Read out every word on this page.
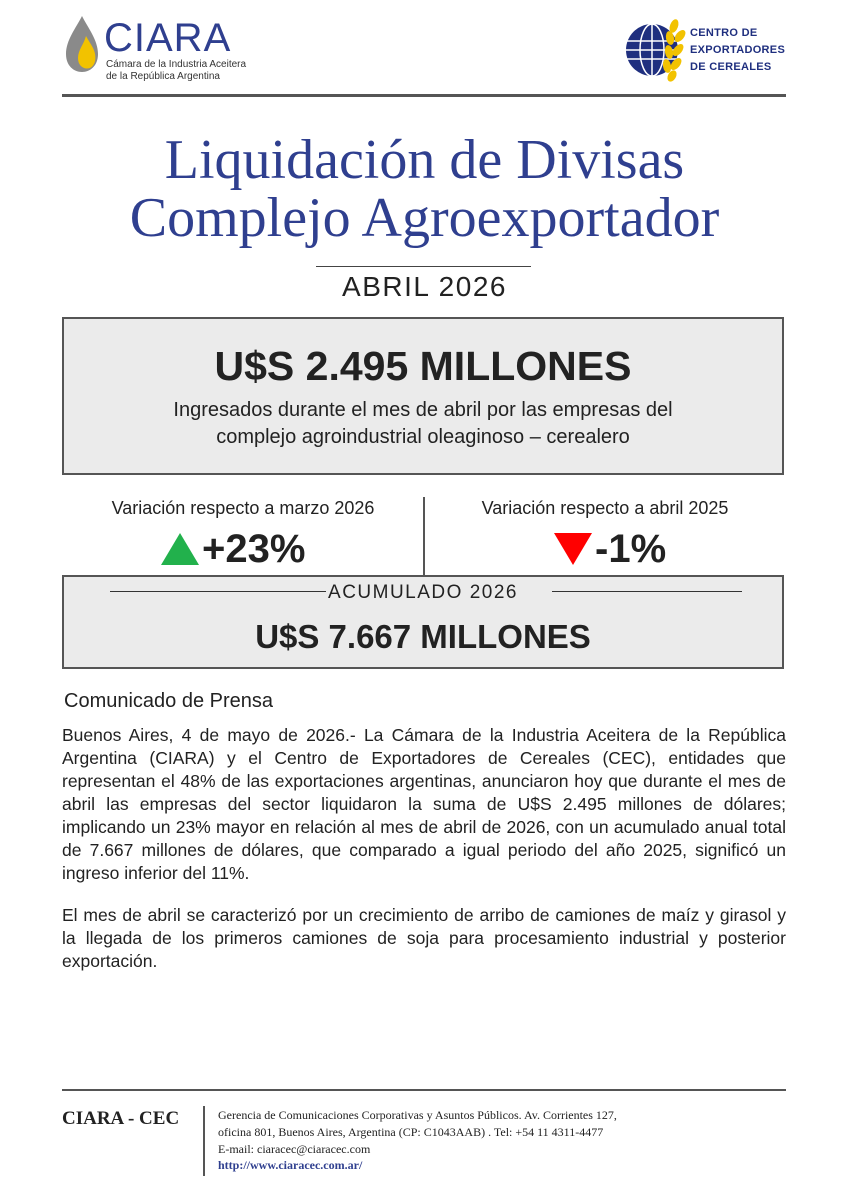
CIARA
Cámara de la Industria Aceitera
de la República Argentina
CENTRO DE
EXPORTADORES
DE CEREALES
Liquidación de Divisas
Complejo Agroexportador
ABRIL 2026
U$S 2.495 MILLONES
Ingresados durante el mes de abril por las empresas del
complejo agroindustrial oleaginoso – cerealero
Variación respecto a marzo 2026
+23%
Variación respecto a abril 2025
-1%
ACUMULADO 2026
U$S 7.667 MILLONES
Comunicado de Prensa

Buenos Aires, 4 de mayo de 2026.- La Cámara de la Industria Aceitera de la República Argentina (CIARA) y el Centro de Exportadores de Cereales (CEC), entidades que representan el 48% de las exportaciones argentinas, anunciaron hoy que durante el mes de abril las empresas del sector liquidaron la suma de U$S 2.495 millones de dólares; implicando un 23% mayor en relación al mes de abril de 2026, con un acumulado anual total de 7.667 millones de dólares, que comparado a igual periodo del año 2025, significó un ingreso inferior del 11%.

El mes de abril se caracterizó por un crecimiento de arribo de camiones de maíz y girasol y la llegada de los primeros camiones de soja para procesamiento industrial y posterior exportación.

CIARA - CEC	Gerencia de Comunicaciones Corporativas y Asuntos Públicos. Av. Corrientes 127,
oficina 801, Buenos Aires, Argentina (CP: C1043AAB) . Tel: +54 11 4311-4477
E-mail: ciaracec@ciaracec.com
http://www.ciaracec.com.ar/
